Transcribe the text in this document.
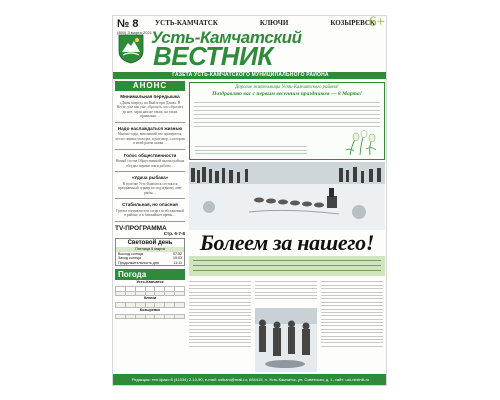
№ 8
(890) 3 марта 2021
УСТЬ-КАМЧАТСК	КЛЮЧИ	КОЗЫРЕВСК
6+
Усть-Камчатский
ВЕСТНИК
ГАЗЕТА УСТЬ-КАМЧАТСКОГО МУНИЦИПАЛЬНОГО РАЙОНА
АНОНС
Минимальная передышка
«Дамы вперед» на Выйте при Дашах. В Весте, уже как уже, сбросить, что сбросить до нее, зараз нам не таких, на таких правильно…
Надо наслаждаться жизнью
Многие годы, вписавший что проверился, что не лирике молодая, и разговор, о котором в моей разом скажи…
Голос общественности
Новый состав Общественной палаты района обсудил первые шаги работы…
«Удача рыбака»
В посёлке Усть-Камчатск состоялся праздничный турнир по подлёдному лову рыбы…
Стабильная, но опасная
Группа специалистов следит за обстановкой в районе, и в ближайшее время…
TV-ПРОГРАММА
Стр. 6-7-8
Световой день
Пятница 5 марта
Восход солнца	07:52
Заход солнца	19:03
Продолжительность дня	11:11
Погода
Усть-Камчатск

Ключи

Козыревск

Дорогие жительницы Усть-Камчатского района!
Поздравляю вас с первым весенним праздником — 8 Марта!
Болеем за нашего!
Редакция: тел./факс 8 (41534) 2-10-90, e-mail: ustkam@mail.ru; 684415, п. Усть-Камчатск, ул. Советская, д. 1, сайт: ust-vestnik.ru
